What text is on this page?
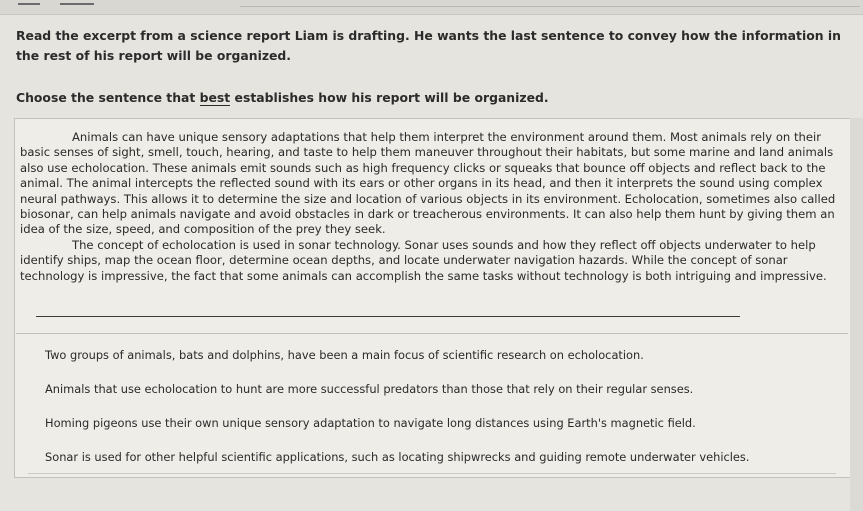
Read the excerpt from a science report Liam is drafting. He wants the last sentence to convey how the information in the rest of his report will be organized.
Choose the sentence that best establishes how his report will be organized.

Animals can have unique sensory adaptations that help them interpret the environment around them. Most animals rely on their basic senses of sight, smell, touch, hearing, and taste to help them maneuver throughout their habitats, but some marine and land animals also use echolocation. These animals emit sounds such as high frequency clicks or squeaks that bounce off objects and reflect back to the animal. The animal intercepts the reflected sound with its ears or other organs in its head, and then it interprets the sound using complex neural pathways. This allows it to determine the size and location of various objects in its environment. Echolocation, sometimes also called biosonar, can help animals navigate and avoid obstacles in dark or treacherous environments. It can also help them hunt by giving them an idea of the size, speed, and composition of the prey they seek.

The concept of echolocation is used in sonar technology. Sonar uses sounds and how they reflect off objects underwater to help identify ships, map the ocean floor, determine ocean depths, and locate underwater navigation hazards. While the concept of sonar technology is impressive, the fact that some animals can accomplish the same tasks without technology is both intriguing and impressive.

Two groups of animals, bats and dolphins, have been a main focus of scientific research on echolocation.
Animals that use echolocation to hunt are more successful predators than those that rely on their regular senses.
Homing pigeons use their own unique sensory adaptation to navigate long distances using Earth's magnetic field.
Sonar is used for other helpful scientific applications, such as locating shipwrecks and guiding remote underwater vehicles.
